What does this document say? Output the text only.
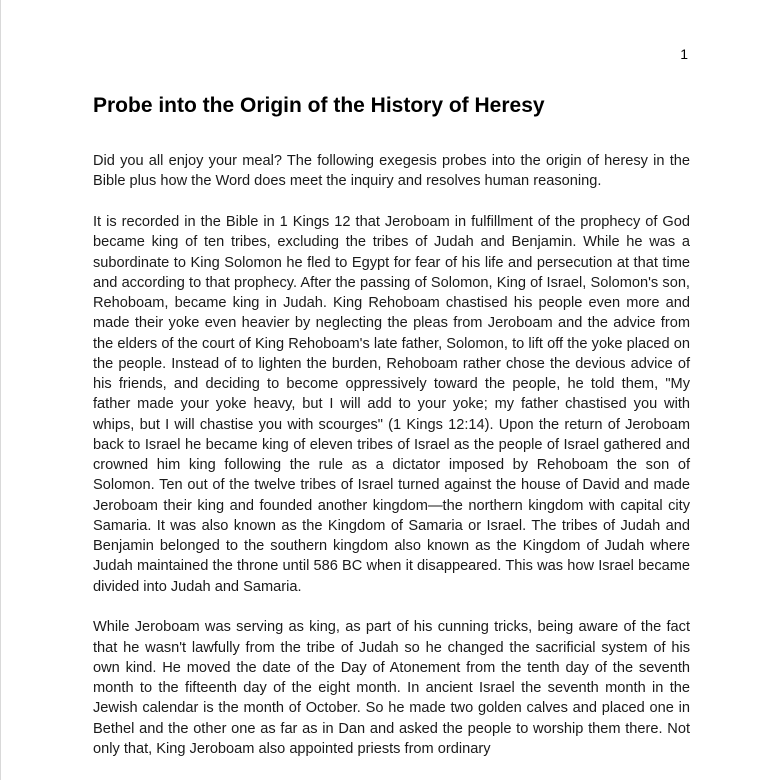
1
Probe into the Origin of the History of Heresy

Did you all enjoy your meal? The following exegesis probes into the origin of heresy in the Bible plus how the Word does meet the inquiry and resolves human reasoning.

It is recorded in the Bible in 1 Kings 12 that Jeroboam in fulfillment of the prophecy of God became king of ten tribes, excluding the tribes of Judah and Benjamin. While he was a subordinate to King Solomon he fled to Egypt for fear of his life and persecution at that time and according to that prophecy. After the passing of Solomon, King of Israel, Solomon's son, Rehoboam, became king in Judah. King Rehoboam chastised his people even more and made their yoke even heavier by neglecting the pleas from Jeroboam and the advice from the elders of the court of King Rehoboam's late father, Solomon, to lift off the yoke placed on the people. Instead of to lighten the burden, Rehoboam rather chose the devious advice of his friends, and deciding to become oppressively toward the people, he told them, "My father made your yoke heavy, but I will add to your yoke; my father chastised you with whips, but I will chastise you with scourges" (1 Kings 12:14). Upon the return of Jeroboam back to Israel he became king of eleven tribes of Israel as the people of Israel gathered and crowned him king following the rule as a dictator imposed by Rehoboam the son of Solomon. Ten out of the twelve tribes of Israel turned against the house of David and made Jeroboam their king and founded another kingdom—the northern kingdom with capital city Samaria. It was also known as the Kingdom of Samaria or Israel. The tribes of Judah and Benjamin belonged to the southern kingdom also known as the Kingdom of Judah where Judah maintained the throne until 586 BC when it disappeared. This was how Israel became divided into Judah and Samaria.

While Jeroboam was serving as king, as part of his cunning tricks, being aware of the fact that he wasn't lawfully from the tribe of Judah so he changed the sacrificial system of his own kind. He moved the date of the Day of Atonement from the tenth day of the seventh month to the fifteenth day of the eight month. In ancient Israel the seventh month in the Jewish calendar is the month of October. So he made two golden calves and placed one in Bethel and the other one as far as in Dan and asked the people to worship them there. Not only that, King Jeroboam also appointed priests from ordinary
